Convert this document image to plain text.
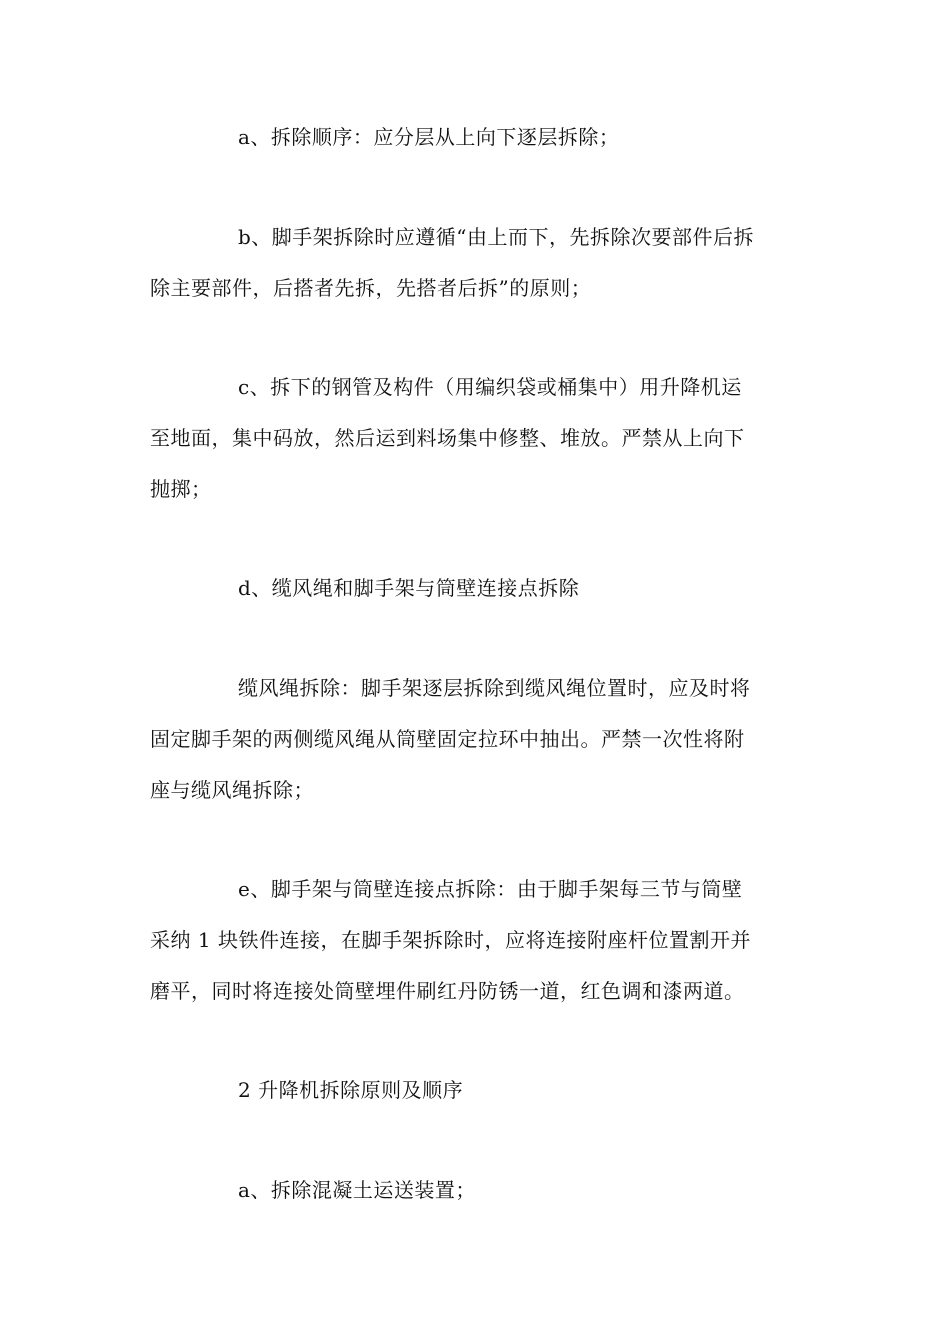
a、拆除顺序：应分层从上向下逐层拆除；

b、脚手架拆除时应遵循“由上而下，先拆除次要部件后拆
除主要部件，后搭者先拆，先搭者后拆”的原则；

c、拆下的钢管及构件（用编织袋或桶集中）用升降机运
至地面，集中码放，然后运到料场集中修整、堆放。严禁从上向下
抛掷；

d、缆风绳和脚手架与筒壁连接点拆除

缆风绳拆除：脚手架逐层拆除到缆风绳位置时，应及时将
固定脚手架的两侧缆风绳从筒壁固定拉环中抽出。严禁一次性将附
座与缆风绳拆除；

e、脚手架与筒壁连接点拆除：由于脚手架每三节与筒壁
采纳 1 块铁件连接，在脚手架拆除时，应将连接附座杆位置割开并
磨平，同时将连接处筒壁埋件刷红丹防锈一道，红色调和漆两道。

2 升降机拆除原则及顺序

a、拆除混凝土运送装置；
